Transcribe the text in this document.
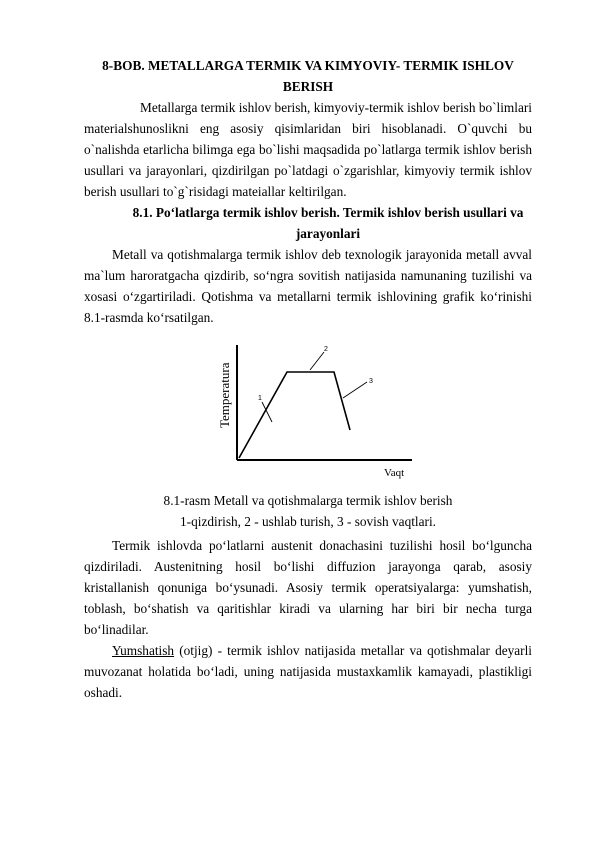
8-BOB. METALLARGA TERMIK VA KIMYOVIY- TERMIK ISHLOV
BERISH

Metallarga termik ishlov berish, kimyoviy-termik ishlov berish bo`limlari materialshunoslikni eng asosiy qisimlaridan biri hisoblanadi. O`quvchi bu o`nalishda etarlicha bilimga ega bo`lishi maqsadida po`latlarga termik ishlov berish usullari va jarayonlari, qizdirilgan po`latdagi o`zgarishlar, kimyoviy termik ishlov berish usullari to`g`risidagi mateiallar keltirilgan.

8.1. Po‘latlarga termik ishlov berish. Termik ishlov berish usullari va
jarayonlari

Metall va qotishmalarga termik ishlov deb texnologik jarayonida metall avval ma`lum haroratgacha qizdirib, so‘ngra sovitish natijasida namunaning tuzilishi va xosasi o‘zgartiriladi. Qotishma va metallarni termik ishlovining grafik ko‘rinishi 8.1-rasmda ko‘rsatilgan.

1
2
3
Temperatura
Vaqt

8.1-rasm Metall va qotishmalarga termik ishlov berish

1-qizdirish, 2 - ushlab turish, 3 - sovish vaqtlari.

Termik ishlovda po‘latlarni austenit donachasini tuzilishi hosil bo‘lguncha qizdiriladi. Austenitning hosil bo‘lishi diffuzion jarayonga qarab, asosiy kristallanish qonuniga bo‘ysunadi. Asosiy termik operatsiyalarga: yumshatish, toblash, bo‘shatish va qaritishlar kiradi va ularning har biri bir necha turga bo‘linadilar.

Yumshatish (otjig) - termik ishlov natijasida metallar va qotishmalar deyarli muvozanat holatida bo‘ladi, uning natijasida mustaxkamlik kamayadi, plastikligi oshadi.
